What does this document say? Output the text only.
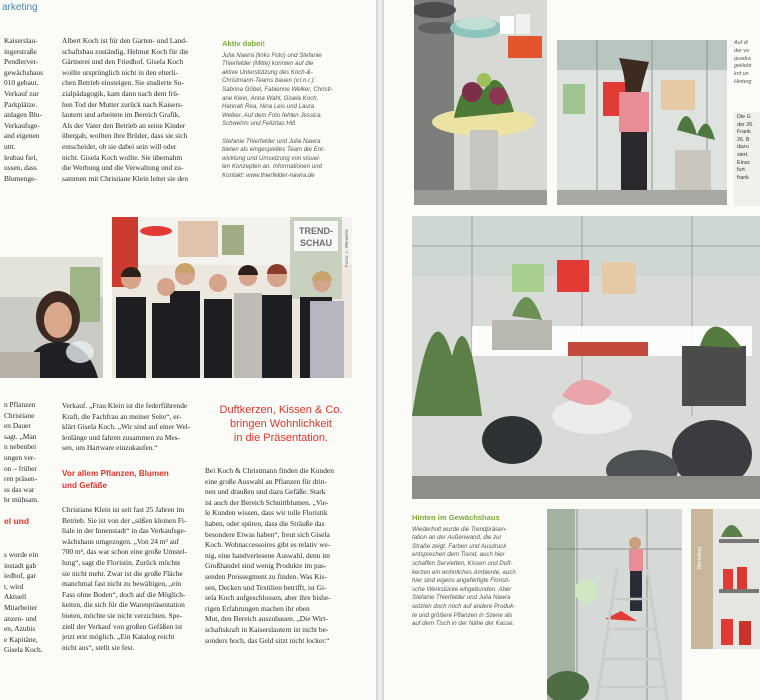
arketing

Kaiserslau-

ingerstraße

Pendlerver-

gewächshaus

010 gebaut.

Verkauf zur

Parkplätze.

anlagen Blu-

Verkaufsge-

and eigenen

uttt.

leubau fiel,

ussen, dass

Blumenge-

Albert Koch ist für den Garten- und Land-

schaftsbau zuständig, Helmut Koch für die

Gärtnerei und den Friedhof. Gisela Koch

wollte ursprünglich nicht in den elterli-

chen Betrieb einsteigen. Sie studierte So-

zialpädagogik, kam dann nach dem frü-

hen Tod der Mutter zurück nach Kaisers-

lautern und arbeitete im Bereich Grafik.

Als der Vater den Betrieb an seine Kinder

übergab, wollten ihre Brüder, dass sie sich

entscheidet, ob sie dabei sein will oder

nicht. Gisela Koch wollte. Sie übernahm

die Werbung und die Verwaltung und zu-

sammen mit Christiane Klein leitet sie den

Aktiv dabei!

Julia Nawra (links Foto) und Stefanie

Thierfelder (Mitte) konnten auf die

aktive Unterstützung des Koch-&-

Christmann-Teams bauen (v.l.n.r.):

Sabrina Göbel, Fabienne Welker, Christi-

ane Klein, Anna Wahl, Gisela Koch,

Hannah Rea, Nina Leis und Laura

Welker. Auf dem Foto fehlen Jessica

Schwehm und Felizitas Hill.

Stefanie Thierfelder und Julia Nawra

bieten als eingespieltes Team die Ent-

wicklung und Umsetzung von visuel-

len Konzepten an. Informationen und

Kontakt: www.thierfelder-nawra.de

TREND-
SCHAU	Fotos: L. Wennertz

n Pflanzen

Christiane

en Dauer

sagt. „Man

n nebenbei

ungen ver-

on – früher

ren präsen-

ss das war

hr mühsam.

el und

s wurde ein

instadt gab

iedhof, gar

t, wird

Aktuell

Mitarbeiter

anzen- und

en, Azubis

e Kapitäne,

Gisela Koch.

Verkauf. „Frau Klein ist die federführende

Kraft, die Fachfrau an meiner Seite“, er-

klärt Gisela Koch. „Wir sind auf einer Wel-

lenlänge und fahren zusammen zu Mes-

sen, um Hartware einzukaufen.“

Vor allem Pflanzen, Blumen

und Gefäße

Christiane Klein ist seit fast 25 Jahren im

Betrieb. Sie ist von der „süßen kleinen Fi-

liale in der Innenstadt“ in das Verkaufsge-

wächshaus umgezogen. „Von 24 m² auf

700 m², das war schon eine große Umstel-

lung“, sagt die Floristin. Zurück möchte

sie nicht mehr. Zwar ist die große Fläche

manchmal fast nicht zu bewältigen, „ein

Fass ohne Boden“, doch auf die Möglich-

keiten, die sich für die Warenpräsentation

bieten, möchte sie nicht verzichten. Spe-

ziell der Verkauf von großen Gefäßen ist

jetzt erst möglich. „Ein Katalog reicht

nicht aus“, stellt sie fest.

Duftkerzen, Kissen & Co.

bringen Wohnlichkeit

in die Präsentation.

Bei Koch & Christmann finden die Kunden

eine große Auswahl an Pflanzen für drin-

nen und draußen und dazu Gefäße. Stark

ist auch der Bereich Schnittblumen. „Vie-

le Kunden wissen, dass wir tolle Floristik

haben, oder spüren, dass die Sträuße das

besondere Etwas haben“, freut sich Gisela

Koch. Wohnaccessoires gibt es relativ we-

nig, eine handverlesene Auswahl, denn im

Großhandel sind wenig Produkte im pas-

senden Preissegment zu finden. Was Kis-

sen, Decken und Textilien betrifft, ist Gi-

sela Koch aufgeschlossen, aber ihre bishe-

rigen Erfahrungen machen ihr eben

Mut, den Bereich auszubauen. „Die Wirt-

schaftskraft in Kaiserslautern ist nicht be-

sonders hoch, das Geld sitzt nicht locker.“

Auf di

der vo

quadra

geklebt

krit un

Hinterg

Die G

der 26.

Frank

26. B

dazu

siert.

Einsc

furt.

frank

Hinten im Gewächshaus

Wiederholt wurde die Trendpräsen-

tation an der Außenwand, die zur

Straße zeigt. Farben und Ausdruck

entsprechen dem Trend, auch hier

schaffen Servietten, Kissen und Duft-

kerzen ein wohnliches Ambiente, auch

hier sind eigens angefertigte Floristi-

sche Werkstücke eingebunden. Aber

Stefanie Thierfelder und Julia Nawra

setzten doch noch auf andere Produk-

te und größere Pflanzen in Szene als

auf dem Tisch in der Nähe der Kasse.

Marketing
